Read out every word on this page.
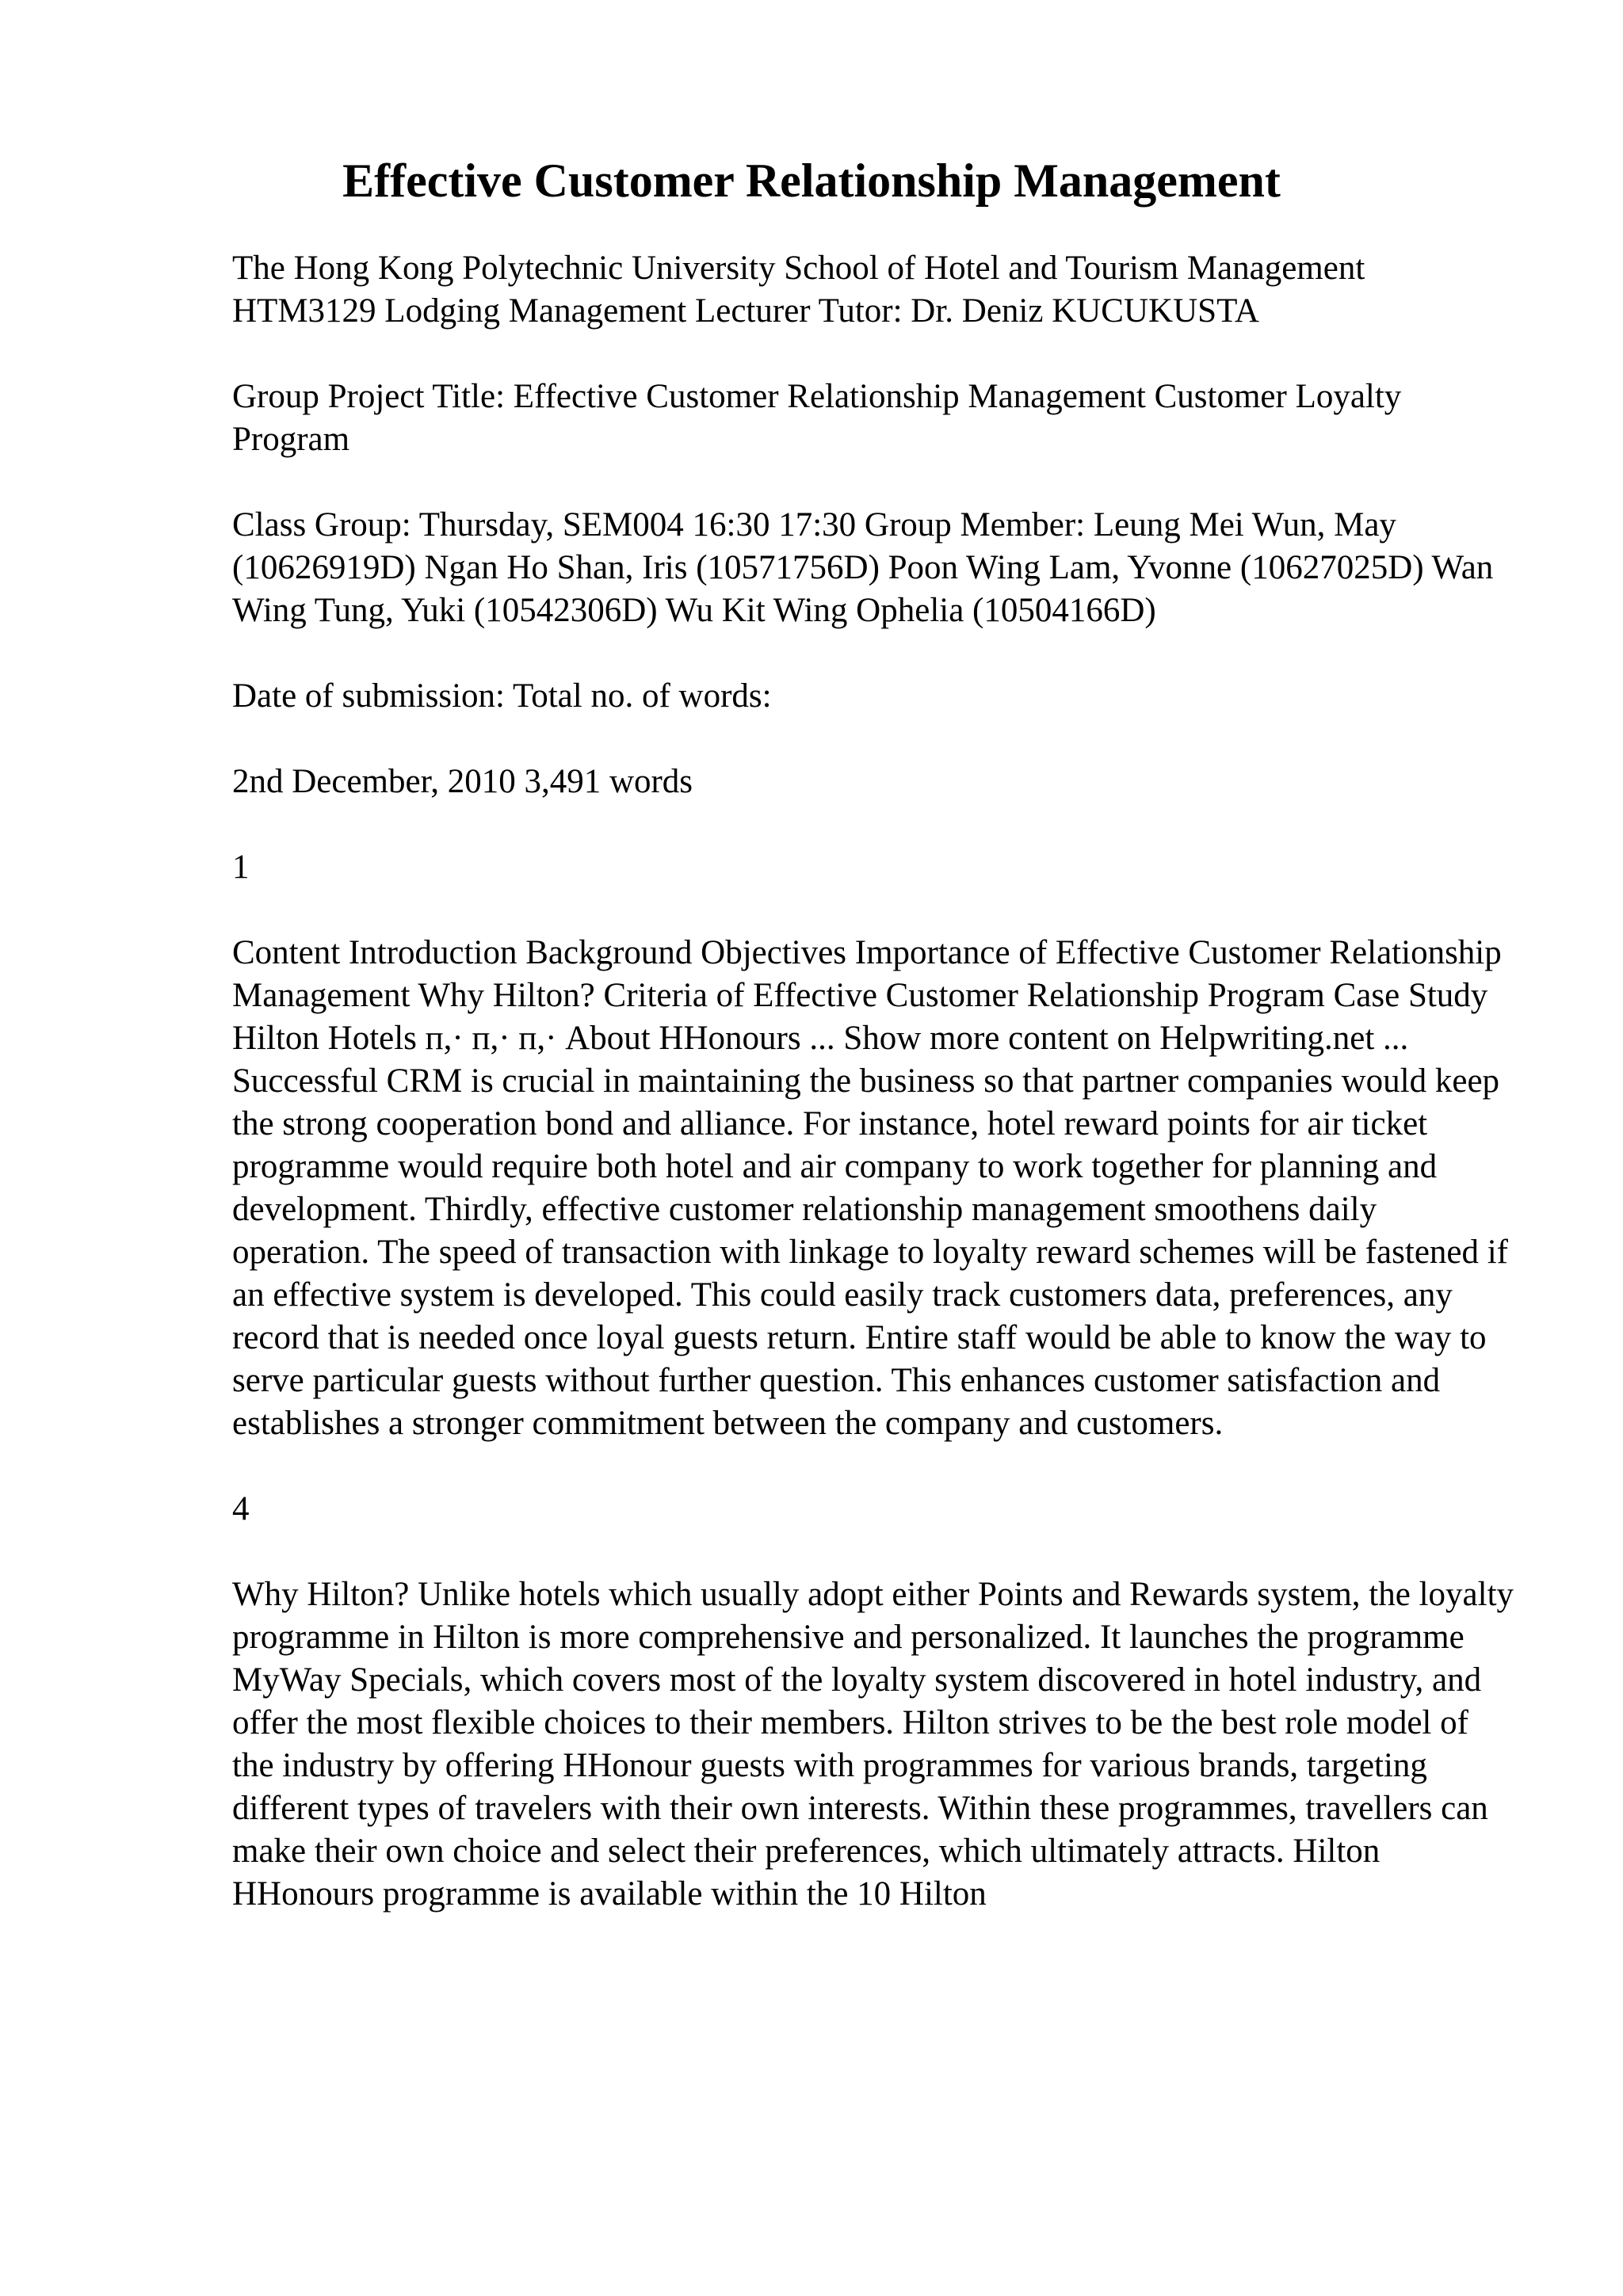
Effective Customer Relationship Management

The Hong Kong Polytechnic University School of Hotel and Tourism Management HTM3129 Lodging Management Lecturer Tutor: Dr. Deniz KUCUKUSTA

Group Project Title: Effective Customer Relationship Management Customer Loyalty Program

Class Group: Thursday, SEM004 16:30 17:30 Group Member: Leung Mei Wun, May (10626919D) Ngan Ho Shan, Iris (10571756D) Poon Wing Lam, Yvonne (10627025D) Wan Wing Tung, Yuki (10542306D) Wu Kit Wing Ophelia (10504166D)

Date of submission: Total no. of words:

2nd December, 2010 3,491 words

1

Content Introduction Background Objectives Importance of Effective Customer Relationship Management Why Hilton? Criteria of Effective Customer Relationship Program Case Study Hilton Hotels п,· п,· п,· About HHonours ... Show more content on Helpwriting.net ...

Successful CRM is crucial in maintaining the business so that partner companies would keep the strong cooperation bond and alliance. For instance, hotel reward points for air ticket programme would require both hotel and air company to work together for planning and development. Thirdly, effective customer relationship management smoothens daily operation. The speed of transaction with linkage to loyalty reward schemes will be fastened if an effective system is developed. This could easily track customers data, preferences, any record that is needed once loyal guests return. Entire staff would be able to know the way to serve particular guests without further question. This enhances customer satisfaction and establishes a stronger commitment between the company and customers.

4

Why Hilton? Unlike hotels which usually adopt either Points and Rewards system, the loyalty programme in Hilton is more comprehensive and personalized. It launches the programme MyWay Specials, which covers most of the loyalty system discovered in hotel industry, and offer the most flexible choices to their members. Hilton strives to be the best role model of the industry by offering HHonour guests with programmes for various brands, targeting different types of travelers with their own interests. Within these programmes, travellers can make their own choice and select their preferences, which ultimately attracts. Hilton HHonours programme is available within the 10 Hilton
